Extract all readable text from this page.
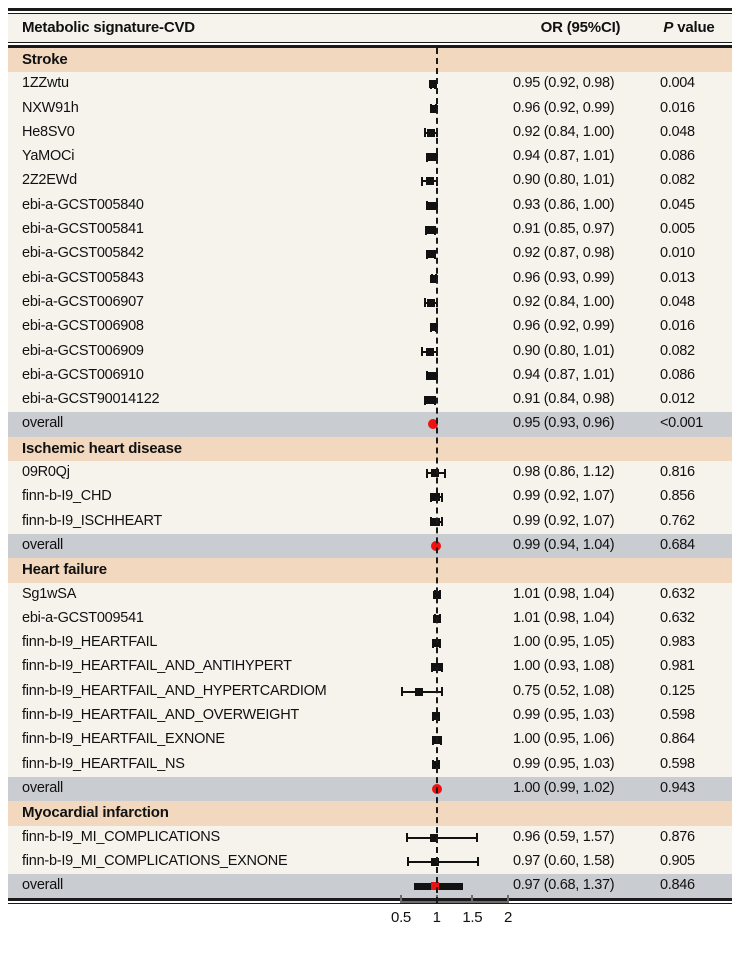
Metabolic signature-CVD	OR (95%CI)	P value
Stroke
1ZZwtu	0.95 (0.92, 0.98)	0.004
NXW91h	0.96 (0.92, 0.99)	0.016
He8SV0	0.92 (0.84, 1.00)	0.048
YaMOCi	0.94 (0.87, 1.01)	0.086
2Z2EWd	0.90 (0.80, 1.01)	0.082
ebi-a-GCST005840	0.93 (0.86, 1.00)	0.045
ebi-a-GCST005841	0.91 (0.85, 0.97)	0.005
ebi-a-GCST005842	0.92 (0.87, 0.98)	0.010
ebi-a-GCST005843	0.96 (0.93, 0.99)	0.013
ebi-a-GCST006907	0.92 (0.84, 1.00)	0.048
ebi-a-GCST006908	0.96 (0.92, 0.99)	0.016
ebi-a-GCST006909	0.90 (0.80, 1.01)	0.082
ebi-a-GCST006910	0.94 (0.87, 1.01)	0.086
ebi-a-GCST90014122	0.91 (0.84, 0.98)	0.012
overall	0.95 (0.93, 0.96)	<0.001
Ischemic heart disease
09R0Qj	0.98 (0.86, 1.12)	0.816
finn-b-I9_CHD	0.99 (0.92, 1.07)	0.856
finn-b-I9_ISCHHEART	0.99 (0.92, 1.07)	0.762
overall	0.99 (0.94, 1.04)	0.684
Heart failure
Sg1wSA	1.01 (0.98, 1.04)	0.632
ebi-a-GCST009541	1.01 (0.98, 1.04)	0.632
finn-b-I9_HEARTFAIL	1.00 (0.95, 1.05)	0.983
finn-b-I9_HEARTFAIL_AND_ANTIHYPERT	1.00 (0.93, 1.08)	0.981
finn-b-I9_HEARTFAIL_AND_HYPERTCARDIOM	0.75 (0.52, 1.08)	0.125
finn-b-I9_HEARTFAIL_AND_OVERWEIGHT	0.99 (0.95, 1.03)	0.598
finn-b-I9_HEARTFAIL_EXNONE	1.00 (0.95, 1.06)	0.864
finn-b-I9_HEARTFAIL_NS	0.99 (0.95, 1.03)	0.598
overall	1.00 (0.99, 1.02)	0.943
Myocardial infarction
finn-b-I9_MI_COMPLICATIONS	0.96 (0.59, 1.57)	0.876
finn-b-I9_MI_COMPLICATIONS_EXNONE	0.97 (0.60, 1.58)	0.905
overall	0.97 (0.68, 1.37)	0.846
0.5 1 1.5 2
